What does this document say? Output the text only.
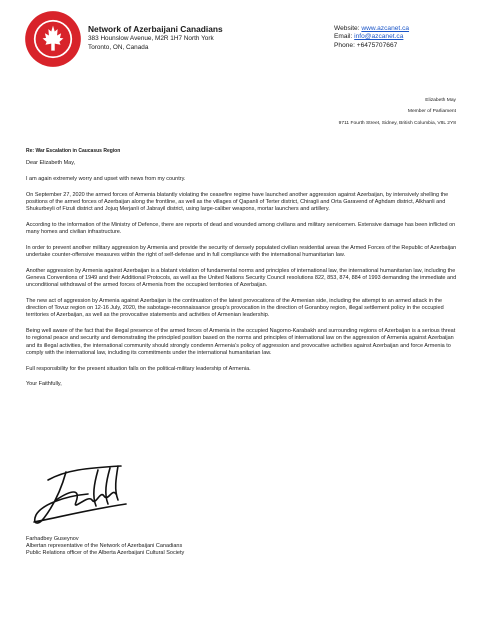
Network of Azerbaijani Canadians
383 Hounslow Avenue, M2R 1H7 North York
Toronto, ON, Canada
Website: www.azcanet.ca
Email: info@azcanet.ca
Phone: +6475707667
Elizabeth May
Member of Parliament
9711 Fourth Street, Sidney, British Columbia, V8L 2Y8
Re: War Escalation in Caucasus Region

Dear Elizabeth May,

I am again extremely worry and upset with news from my country.

On September 27, 2020 the armed forces of Armenia blatantly violating the ceasefire regime have launched another aggression against Azerbaijan, by intensively shelling the positions of the armed forces of Azerbaijan along the frontline, as well as the villages of Qapanli of Terter district, Chiragli and Orta Garavend of Aghdam district, Alkhanli and Shukurbeyli of Fizuli district and Jojuq Merjanli of Jabrayil district, using large-caliber weapons, mortar launchers and artillery.

According to the information of the Ministry of Defence, there are reports of dead and wounded among civilians and military servicemen. Extensive damage has been inflicted on many homes and civilian infrastructure.

In order to prevent another military aggression by Armenia and provide the security of densely populated civilian residential areas the Armed Forces of the Republic of Azerbaijan undertake counter-offensive measures within the right of self-defense and in full compliance with the international humanitarian law.

Another aggression by Armenia against Azerbaijan is a blatant violation of fundamental norms and principles of international law, the international humanitarian law, including the Geneva Conventions of 1949 and their Additional Protocols, as well as the United Nations Security Council resolutions 822, 853, 874, 884 of 1993 demanding the immediate and unconditional withdrawal of the armed forces of Armenia from the occupied territories of Azerbaijan.

The new act of aggression by Armenia against Azerbaijan is the continuation of the latest provocations of the Armenian side, including the attempt to an armed attack in the direction of Tovuz region on 12-16 July, 2020, the sabotage-reconnaissance group’s provocation in the direction of Goranboy region, illegal settlement policy in the occupied territories of Azerbaijan, as well as the provocative statements and activities of Armenian leadership.

Being well aware of the fact that the illegal presence of the armed forces of Armenia in the occupied Nagorno-Karabakh and surrounding regions of Azerbaijan is a serious threat to regional peace and security and demonstrating the principled position based on the norms and principles of international law on the aggression of Armenia against Azerbaijan and its illegal activities, the international community should strongly condemn Armenia’s policy of aggression and provocative activities against Azerbaijan and force Armenia to comply with the international law, including its commitments under the international humanitarian law.

Full responsibility for the present situation falls on the political-military leadership of Armenia.

Your Faithfully,

Farhadbey Guseynov
Albertan representative of the Network of Azerbaijani Canadians
Public Relations officer of the Alberta Azerbaijani Cultural Society
